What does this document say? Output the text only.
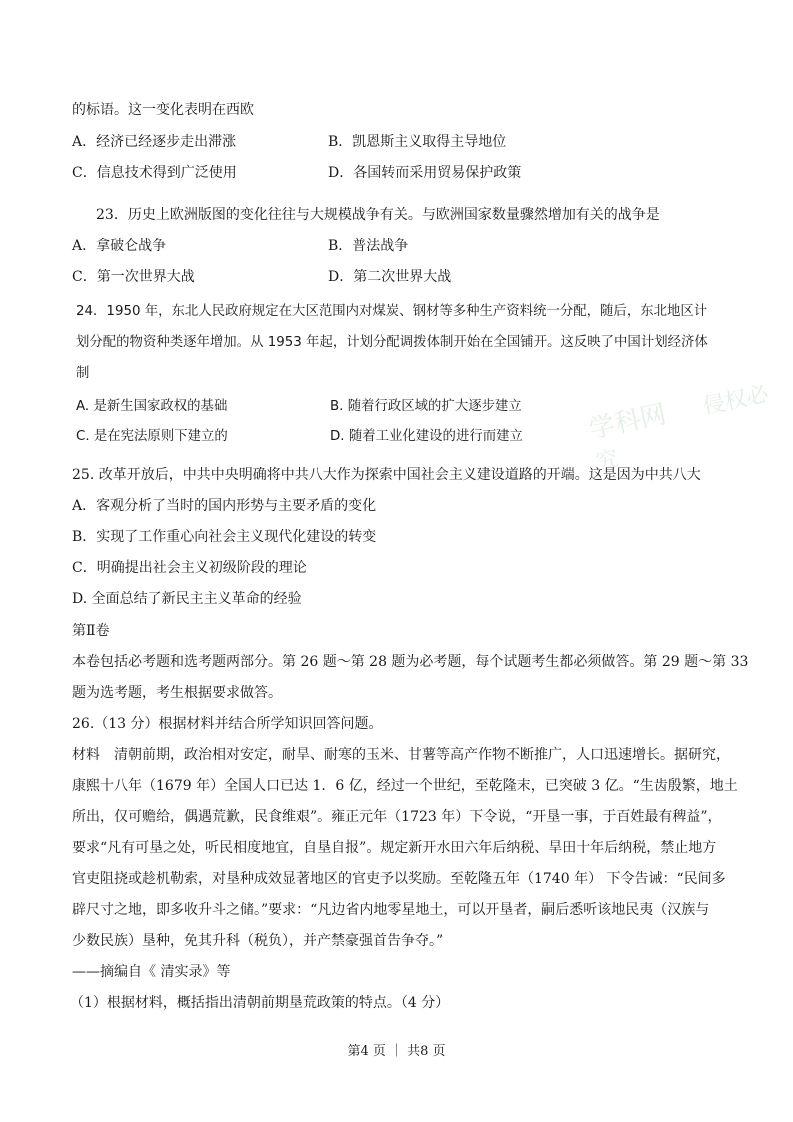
学科网 侵权必究
的标语。这一变化表明在西欧
A．经济已经逐步走出滞涨	B．凯恩斯主义取得主导地位
C．信息技术得到广泛使用	D．各国转而采用贸易保护政策
23．历史上欧洲版图的变化往往与大规模战争有关。与欧洲国家数量骤然增加有关的战争是
A．拿破仑战争	B．普法战争
C．第一次世界大战	D．第二次世界大战
24．1950 年，东北人民政府规定在大区范围内对煤炭、钢材等多种生产资料统一分配，随后，东北地区计
划分配的物资种类逐年增加。从 1953 年起，计划分配调拨体制开始在全国铺开。这反映了中国计划经济体
制
A. 是新生国家政权的基础	B. 随着行政区域的扩大逐步建立
C. 是在宪法原则下建立的	D. 随着工业化建设的进行而建立
25. 改革开放后，中共中央明确将中共八大作为探索中国社会主义建设道路的开端。这是因为中共八大
A．客观分析了当时的国内形势与主要矛盾的变化
B．实现了工作重心向社会主义现代化建设的转变
C．明确提出社会主义初级阶段的理论
D. 全面总结了新民主主义革命的经验
第Ⅱ卷
本卷包括必考题和选考题两部分。第 26 题～第 28 题为必考题，每个试题考生都必须做答。第 29 题～第 33
题为选考题，考生根据要求做答。
26.（13 分）根据材料并结合所学知识回答问题。
材料　清朝前期，政治相对安定，耐旱、耐寒的玉米、甘薯等高产作物不断推广，人口迅速增长。据研究，
康熙十八年（1679 年）全国人口已达 1．6 亿，经过一个世纪，至乾隆末，已突破 3 亿。“生齿殷繁，地土
所出，仅可赡给，偶遇荒歉，民食维艰”。雍正元年（1723 年）下令说，“开垦一事，于百姓最有稗益”，
要求“凡有可垦之处，听民相度地宜，自垦自报”。规定新开水田六年后纳税、旱田十年后纳税，禁止地方
官吏阻挠或趁机勒索，对垦种成效显著地区的官吏予以奖励。至乾隆五年（1740 年） 下令告诫：“民间多
辟尺寸之地，即多收升斗之储。”要求：“凡边省内地零星地土，可以开垦者，嗣后悉听该地民夷（汉族与
少数民族）垦种，免其升科（税负），并产禁豪强首告争夺。”
——摘编自《 清实录》等
（1）根据材料，概括指出清朝前期垦荒政策的特点。（4 分）
第4 页 ｜ 共8 页
